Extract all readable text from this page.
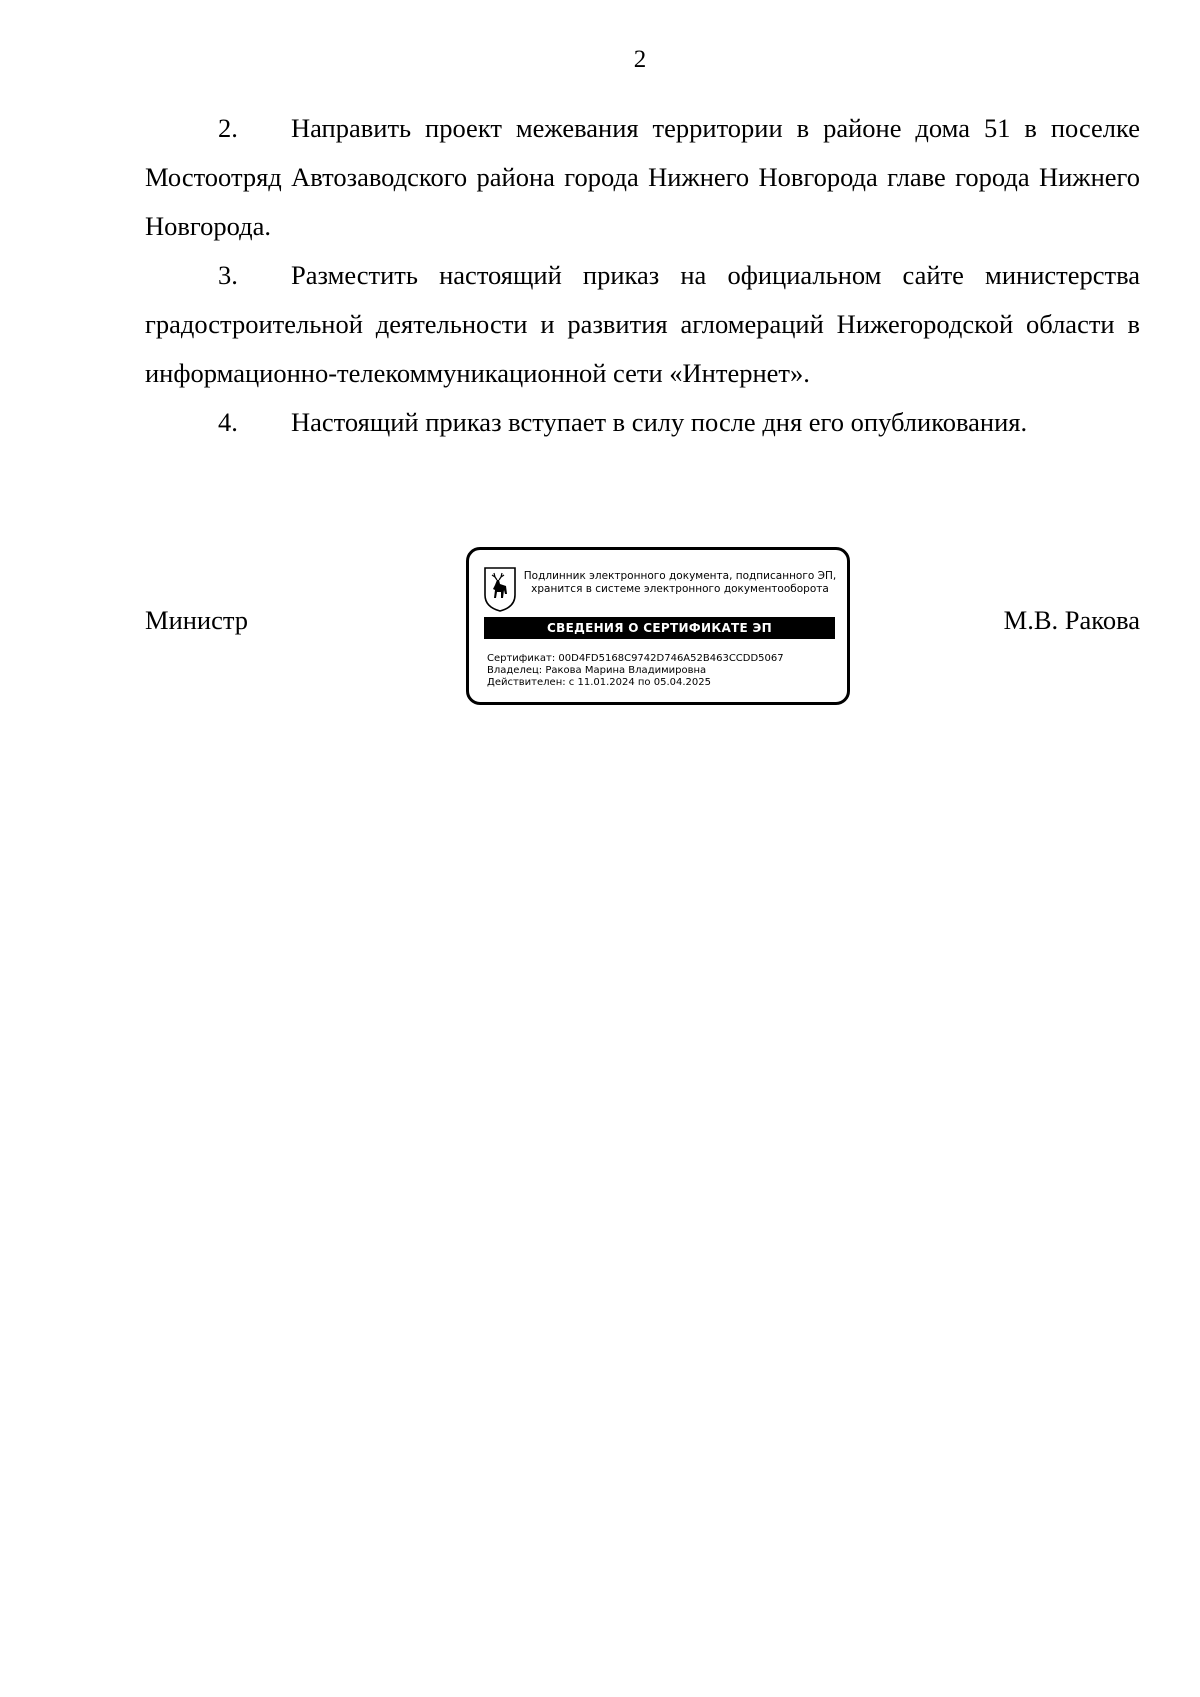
2

2. Направить проект межевания территории в районе дома 51 в поселке Мостоотряд Автозаводского района города Нижнего Новгорода главе города Нижнего Новгорода.

3. Разместить настоящий приказ на официальном сайте министерства градостроительной деятельности и развития агломераций Нижегородской области в информационно-телекоммуникационной сети «Интернет».

4. Настоящий приказ вступает в силу после дня его опубликования.

Министр	М.В. Ракова
Подлинник электронного документа, подписанного ЭП,
хранится в системе электронного документооборота
СВЕДЕНИЯ О СЕРТИФИКАТЕ ЭП
Сертификат: 00D4FD5168C9742D746A52B463CCDD5067
Владелец: Ракова Марина Владимировна
Действителен: с 11.01.2024 по 05.04.2025
